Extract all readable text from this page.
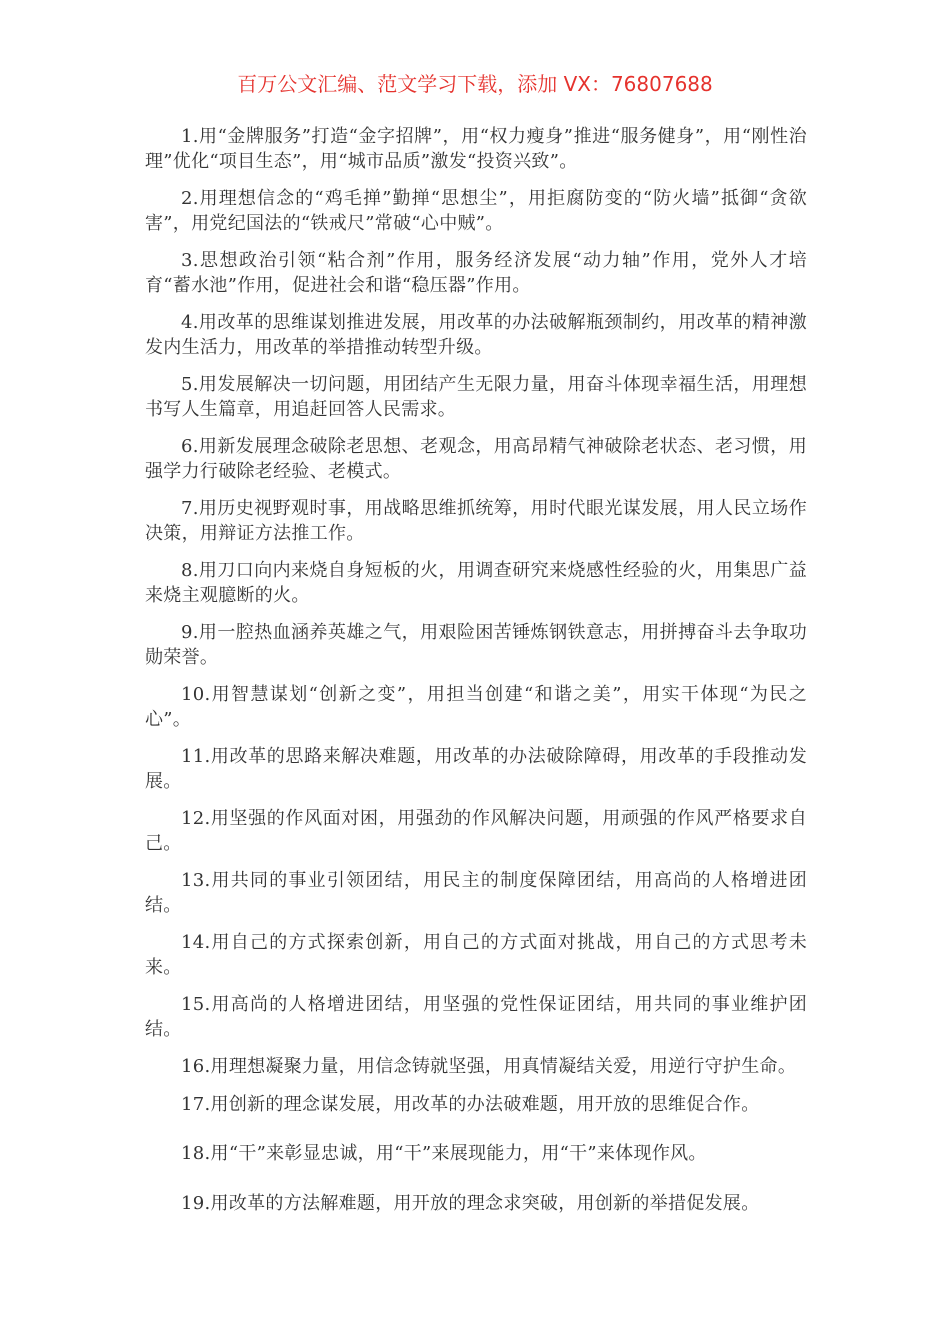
百万公文汇编、范文学习下载，添加 VX：76807688

1.用“金牌服务”打造“金字招牌”，用“权力瘦身”推进“服务健身”，用“刚性治理”优化“项目生态”，用“城市品质”激发“投资兴致”。

2.用理想信念的“鸡毛掸”勤掸“思想尘”，用拒腐防变的“防火墙”抵御“贪欲害”，用党纪国法的“铁戒尺”常破“心中贼”。

3.思想政治引领“粘合剂”作用，服务经济发展“动力轴”作用，党外人才培育“蓄水池”作用，促进社会和谐“稳压器”作用。

4.用改革的思维谋划推进发展，用改革的办法破解瓶颈制约，用改革的精神激发内生活力，用改革的举措推动转型升级。

5.用发展解决一切问题，用团结产生无限力量，用奋斗体现幸福生活，用理想书写人生篇章，用追赶回答人民需求。

6.用新发展理念破除老思想、老观念，用高昂精气神破除老状态、老习惯，用强学力行破除老经验、老模式。

7.用历史视野观时事，用战略思维抓统筹，用时代眼光谋发展，用人民立场作决策，用辩证方法推工作。

8.用刀口向内来烧自身短板的火，用调查研究来烧感性经验的火，用集思广益来烧主观臆断的火。

9.用一腔热血涵养英雄之气，用艰险困苦锤炼钢铁意志，用拼搏奋斗去争取功勋荣誉。

10.用智慧谋划“创新之变”，用担当创建“和谐之美”，用实干体现“为民之心”。

11.用改革的思路来解决难题，用改革的办法破除障碍，用改革的手段推动发展。

12.用坚强的作风面对困，用强劲的作风解决问题，用顽强的作风严格要求自己。

13.用共同的事业引领团结，用民主的制度保障团结，用高尚的人格增进团结。

14.用自己的方式探索创新，用自己的方式面对挑战，用自己的方式思考未来。

15.用高尚的人格增进团结，用坚强的党性保证团结，用共同的事业维护团结。

16.用理想凝聚力量，用信念铸就坚强，用真情凝结关爱，用逆行守护生命。

17.用创新的理念谋发展，用改革的办法破难题，用开放的思维促合作。

18.用“干”来彰显忠诚，用“干”来展现能力，用“干”来体现作风。

19.用改革的方法解难题，用开放的理念求突破，用创新的举措促发展。
